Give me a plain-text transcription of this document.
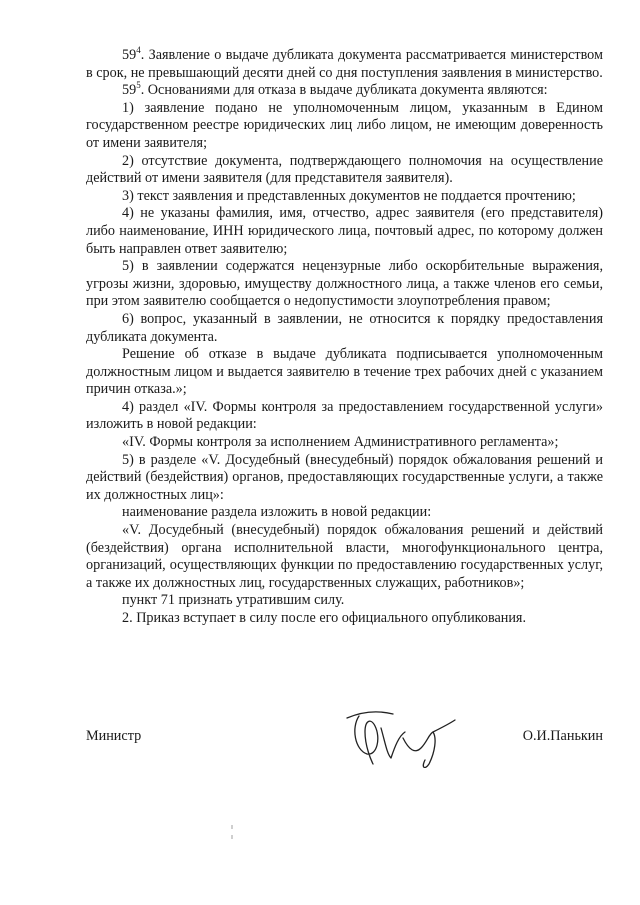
$59^4$. Заявление о выдаче дубликата документа рассматривается министерством в срок, не превышающий десяти дней со дня поступления заявления в министерство.

$59^5$. Основаниями для отказа в выдаче дубликата документа являются:

1) заявление подано не уполномоченным лицом, указанным в Едином государственном реестре юридических лиц либо лицом, не имеющим доверенность от имени заявителя;

2) отсутствие документа, подтверждающего полномочия на осуществление действий от имени заявителя (для представителя заявителя).

3) текст заявления и представленных документов не поддается прочтению;

4) не указаны фамилия, имя, отчество, адрес заявителя (его представителя) либо наименование, ИНН юридического лица, почтовый адрес, по которому должен быть направлен ответ заявителю;

5) в заявлении содержатся нецензурные либо оскорбительные выражения, угрозы жизни, здоровью, имуществу должностного лица, а также членов его семьи, при этом заявителю сообщается о недопустимости злоупотребления правом;

6) вопрос, указанный в заявлении, не относится к порядку предоставления дубликата документа.

Решение об отказе в выдаче дубликата подписывается уполномоченным должностным лицом и выдается заявителю в течение трех рабочих дней с указанием причин отказа.»;

4) раздел «IV. Формы контроля за предоставлением государственной услуги» изложить в новой редакции:

«IV. Формы контроля за исполнением Административного регламента»;

5) в разделе «V. Досудебный (внесудебный) порядок обжалования решений и действий (бездействия) органов, предоставляющих государственные услуги, а также их должностных лиц»:

наименование раздела изложить в новой редакции:

«V. Досудебный (внесудебный) порядок обжалования решений и действий (бездействия) органа исполнительной власти, многофункционального центра, организаций, осуществляющих функции по предоставлению государственных услуг, а также их должностных лиц, государственных служащих, работников»;

пункт 71 признать утратившим силу.

2. Приказ вступает в силу после его официального опубликования.

Министр	О.И.Панькин
